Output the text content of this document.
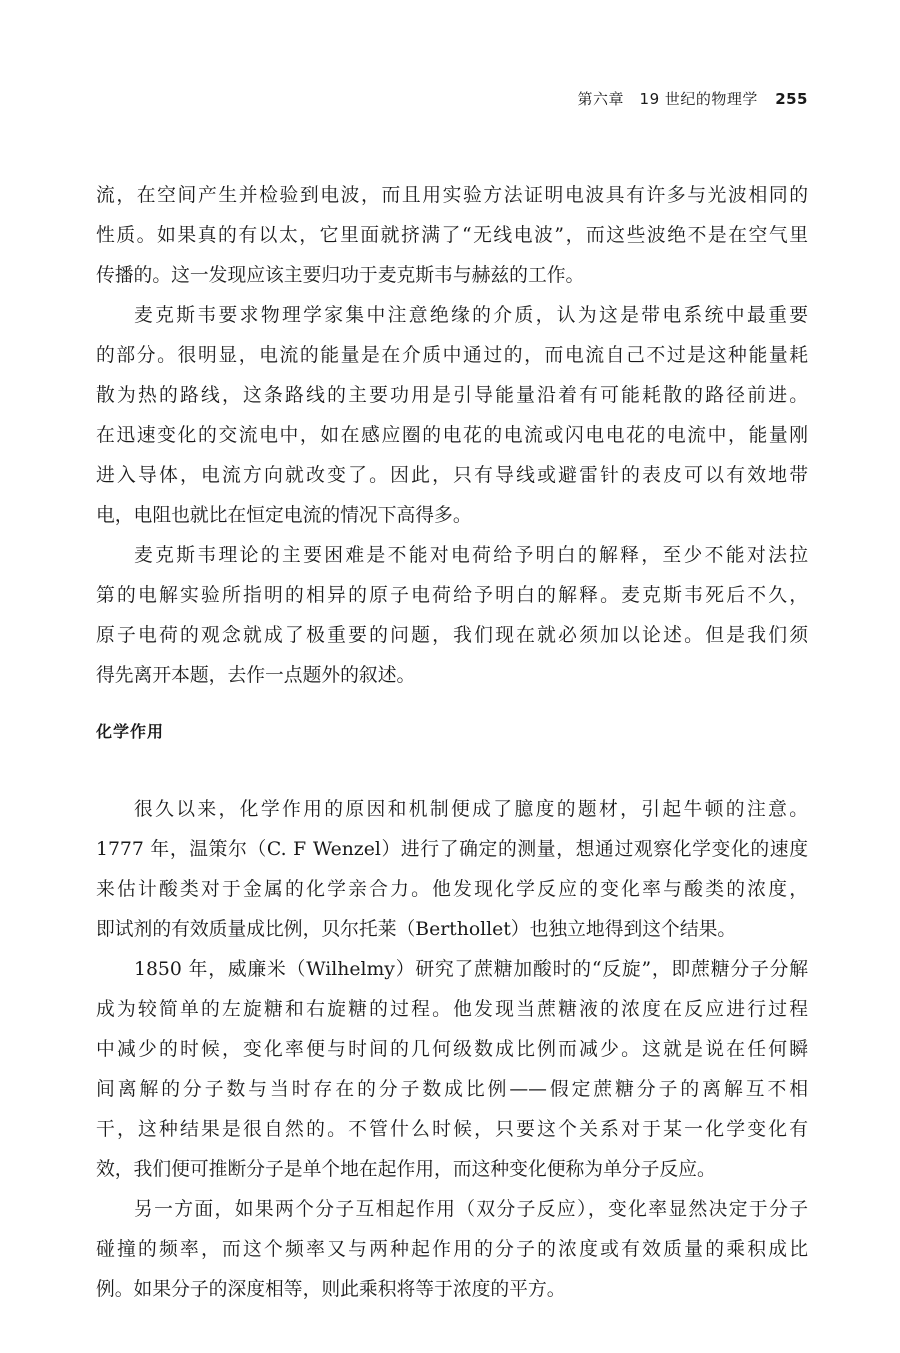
第六章　19 世纪的物理学 255
流，在空间产生并检验到电波，而且用实验方法证明电波具有许多与光波相同的
性质。如果真的有以太，它里面就挤满了“无线电波”，而这些波绝不是在空气里
传播的。这一发现应该主要归功于麦克斯韦与赫兹的工作。
麦克斯韦要求物理学家集中注意绝缘的介质，认为这是带电系统中最重要
的部分。很明显，电流的能量是在介质中通过的，而电流自己不过是这种能量耗
散为热的路线，这条路线的主要功用是引导能量沿着有可能耗散的路径前进。
在迅速变化的交流电中，如在感应圈的电花的电流或闪电电花的电流中，能量刚
进入导体，电流方向就改变了。因此，只有导线或避雷针的表皮可以有效地带
电，电阻也就比在恒定电流的情况下高得多。
麦克斯韦理论的主要困难是不能对电荷给予明白的解释，至少不能对法拉
第的电解实验所指明的相异的原子电荷给予明白的解释。麦克斯韦死后不久，
原子电荷的观念就成了极重要的问题，我们现在就必须加以论述。但是我们须
得先离开本题，去作一点题外的叙述。
化学作用
很久以来，化学作用的原因和机制便成了臆度的题材，引起牛顿的注意。
1777 年，温策尔（C. F Wenzel）进行了确定的测量，想通过观察化学变化的速度
来估计酸类对于金属的化学亲合力。他发现化学反应的变化率与酸类的浓度，
即试剂的有效质量成比例，贝尔托莱（Berthollet）也独立地得到这个结果。
1850 年，威廉米（Wilhelmy）研究了蔗糖加酸时的“反旋”，即蔗糖分子分解
成为较简单的左旋糖和右旋糖的过程。他发现当蔗糖液的浓度在反应进行过程
中减少的时候，变化率便与时间的几何级数成比例而减少。这就是说在任何瞬
间离解的分子数与当时存在的分子数成比例——假定蔗糖分子的离解互不相
干，这种结果是很自然的。不管什么时候，只要这个关系对于某一化学变化有
效，我们便可推断分子是单个地在起作用，而这种变化便称为单分子反应。
另一方面，如果两个分子互相起作用（双分子反应），变化率显然决定于分子
碰撞的频率，而这个频率又与两种起作用的分子的浓度或有效质量的乘积成比
例。如果分子的深度相等，则此乘积将等于浓度的平方。
